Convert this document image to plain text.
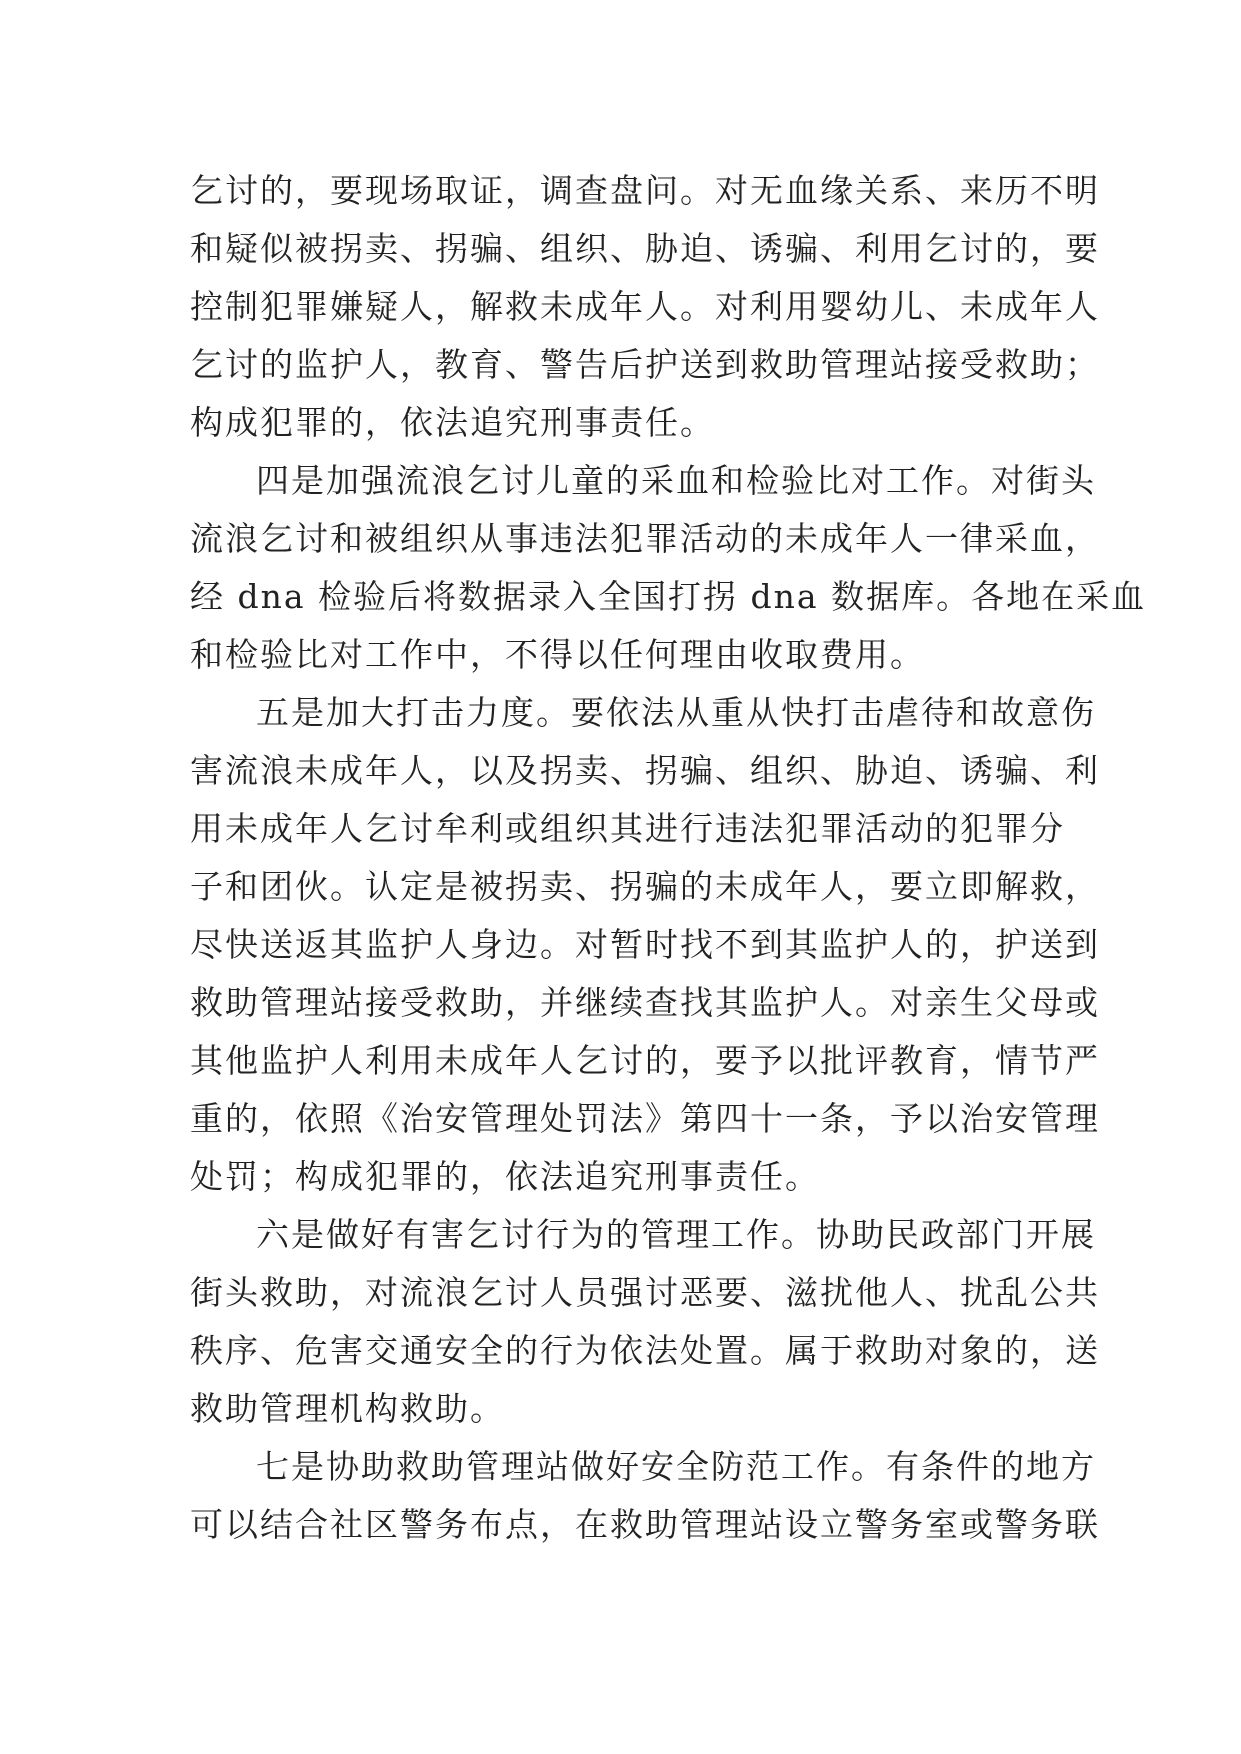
乞讨的，要现场取证，调查盘问。对无血缘关系、来历不明
和疑似被拐卖、拐骗、组织、胁迫、诱骗、利用乞讨的，要
控制犯罪嫌疑人，解救未成年人。对利用婴幼儿、未成年人
乞讨的监护人，教育、警告后护送到救助管理站接受救助；
构成犯罪的，依法追究刑事责任。
四是加强流浪乞讨儿童的采血和检验比对工作。对街头
流浪乞讨和被组织从事违法犯罪活动的未成年人一律采血，
经 dna 检验后将数据录入全国打拐 dna 数据库。各地在采血
和检验比对工作中，不得以任何理由收取费用。
五是加大打击力度。要依法从重从快打击虐待和故意伤
害流浪未成年人，以及拐卖、拐骗、组织、胁迫、诱骗、利
用未成年人乞讨牟利或组织其进行违法犯罪活动的犯罪分
子和团伙。认定是被拐卖、拐骗的未成年人，要立即解救，
尽快送返其监护人身边。对暂时找不到其监护人的，护送到
救助管理站接受救助，并继续查找其监护人。对亲生父母或
其他监护人利用未成年人乞讨的，要予以批评教育，情节严
重的，依照《治安管理处罚法》第四十一条，予以治安管理
处罚；构成犯罪的，依法追究刑事责任。
六是做好有害乞讨行为的管理工作。协助民政部门开展
街头救助，对流浪乞讨人员强讨恶要、滋扰他人、扰乱公共
秩序、危害交通安全的行为依法处置。属于救助对象的，送
救助管理机构救助。
七是协助救助管理站做好安全防范工作。有条件的地方
可以结合社区警务布点，在救助管理站设立警务室或警务联
